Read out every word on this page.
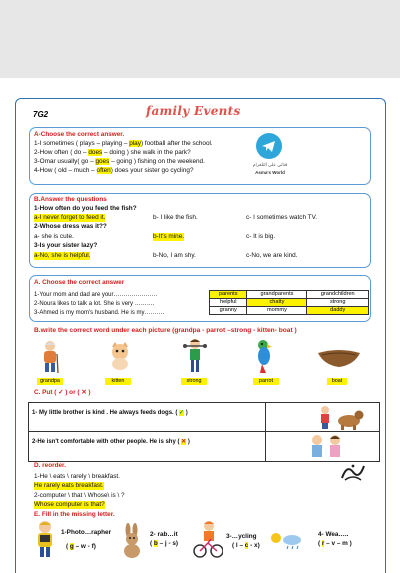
7G2	family Events
A-Choose the correct answer.
1-I sometimes ( plays – playing – play) football after the school.
2-How often ( do – does – doing ) she walk in the park?
3-Omar usually( go – goes – going ) fishing on the weekend.
4-How ( old – much – often) does your sister go cycling?
قناتي على التلغرام
Asma's World
B.Answer the questions
1-How often do you feed the fish?
a-I never forget to feed it.	b- I like the fish.	c- I sometimes watch TV.
2-Whose dress was it??
a- she is cute.	b-It's mine.	c- It is big.
3-Is your sister lazy?
a-No, she is helpful.	b-No, I am shy.	c-No, we are kind.
A. Choose the correct answer
1-Your mom and dad are your………………….
2-Noura likes to talk a lot. She is very ……….
3-Ahmed is my mom's husband. He is my……….
parents	grandparents	grandchildren
helpful	chatty	strong
granny	mommy	daddy
B.write the correct word under each picture (grandpa - parrot –strong - kitten- boat )
grandpa	kitten	strong	parrot	boat
C. Put ( ✓ ) or ( ✕ )
1- My little brother is kind . He always feeds dogs. ( ✓ )
2-He isn't comfortable with other people. He is shy ( ✕ )
D. reorder.
1-He \ eats \ rarely \ breakfast.
He rarely eats breakfast.
2-computer \ that \ Whose\ is \ ?
Whose computer is that?
E. Fill in the missing letter.
1-Photo…rapher
( g – w - f)
2- rab…it
( b – j - s)
3-…ycling
( l – c - x)
4- Wea…..
( r – v – m )
